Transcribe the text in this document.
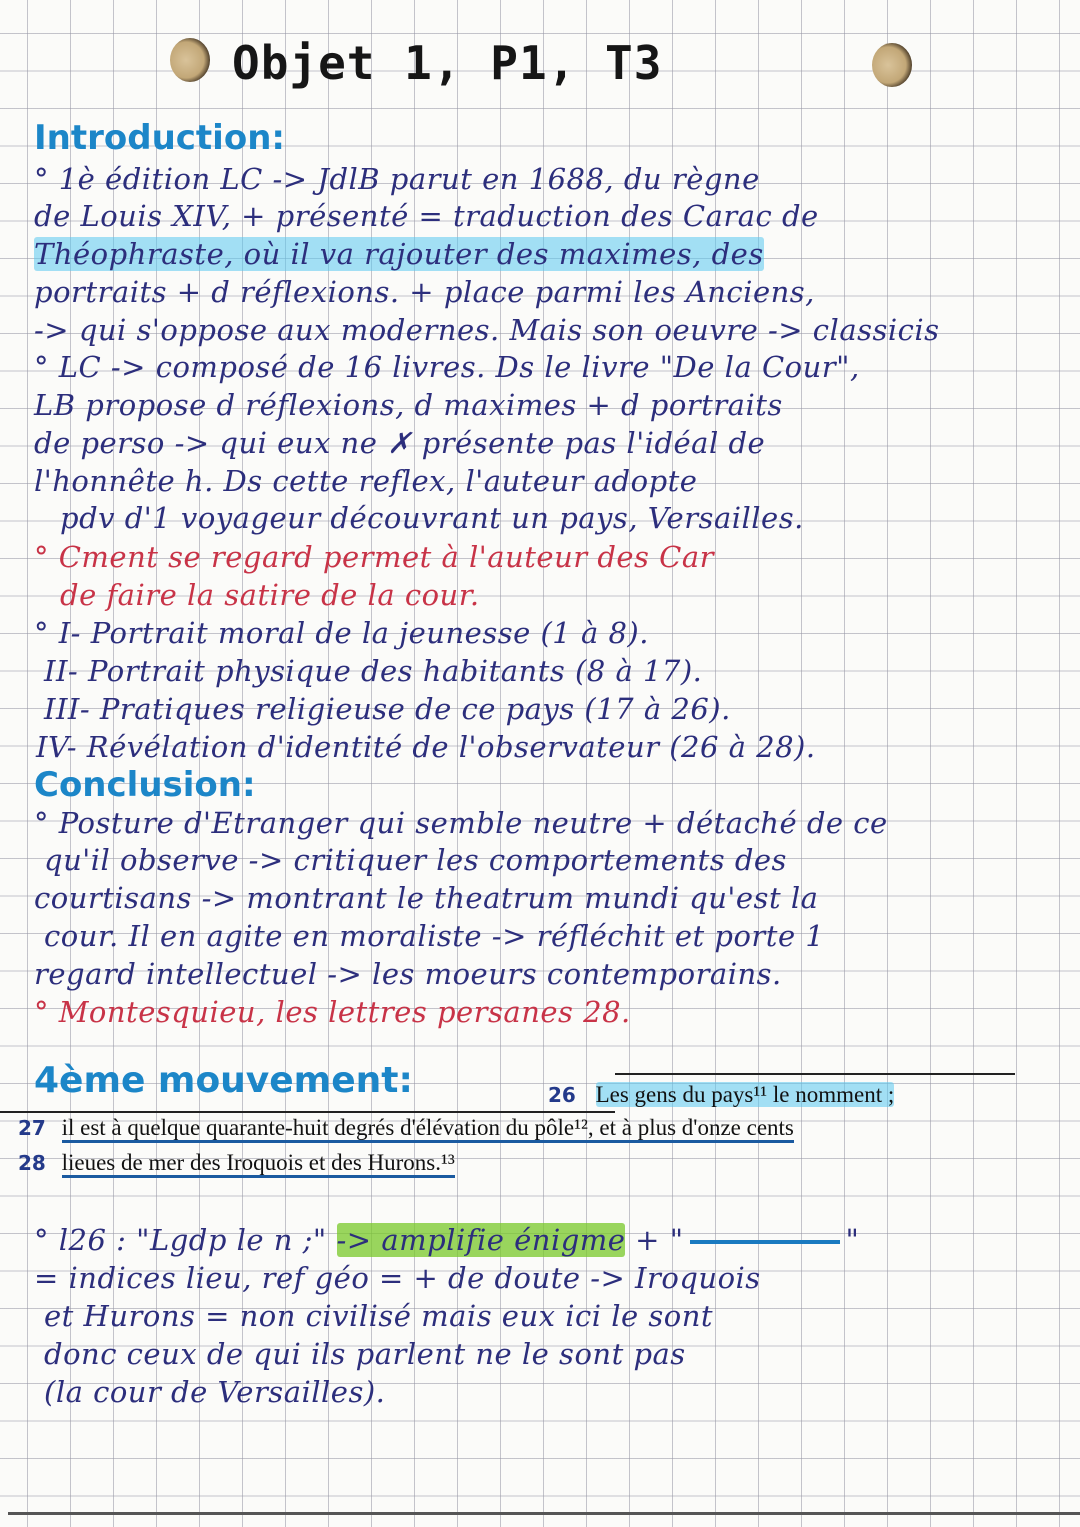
Objet 1, P1, T3
Introduction:
° 1è édition LC -> JdlB parut en 1688, du règne
de Louis XIV, + présenté = traduction des Carac de
Théophraste, où il va rajouter des maximes, des
portraits + d réflexions. + place parmi les Anciens,
-> qui s'oppose aux modernes. Mais son oeuvre -> classicis
° LC -> composé de 16 livres. Ds le livre "De la Cour",
LB propose d réflexions, d maximes + d portraits
de perso -> qui eux ne ✗ présente pas l'idéal de
l'honnête h. Ds cette reflex, l'auteur adopte
pdv d'1 voyageur découvrant un pays, Versailles.
° Cment se regard permet à l'auteur des Car
de faire la satire de la cour.
° I- Portrait moral de la jeunesse (1 à 8).
II- Portrait physique des habitants (8 à 17).
III- Pratiques religieuse de ce pays (17 à 26).
IV- Révélation d'identité de l'observateur (26 à 28).
Conclusion:
° Posture d'Etranger qui semble neutre + détaché de ce
qu'il observe -> critiquer les comportements des
courtisans -> montrant le theatrum mundi qu'est la
cour. Il en agite en moraliste -> réfléchit et porte 1
regard intellectuel -> les moeurs contemporains.
° Montesquieu, les lettres persanes 28.
4ème mouvement:	26 Les gens du pays¹¹ le nomment ;
27 il est à quelque quarante-huit degrés d'élévation du pôle¹², et à plus d'onze cents
28 lieues de mer des Iroquois et des Hurons.¹³
° l26 : "Lgdp le n ;" -> amplifie énigme + "	"
= indices lieu, ref géo = + de doute -> Iroquois
et Hurons = non civilisé mais eux ici le sont
donc ceux de qui ils parlent ne le sont pas
(la cour de Versailles).
